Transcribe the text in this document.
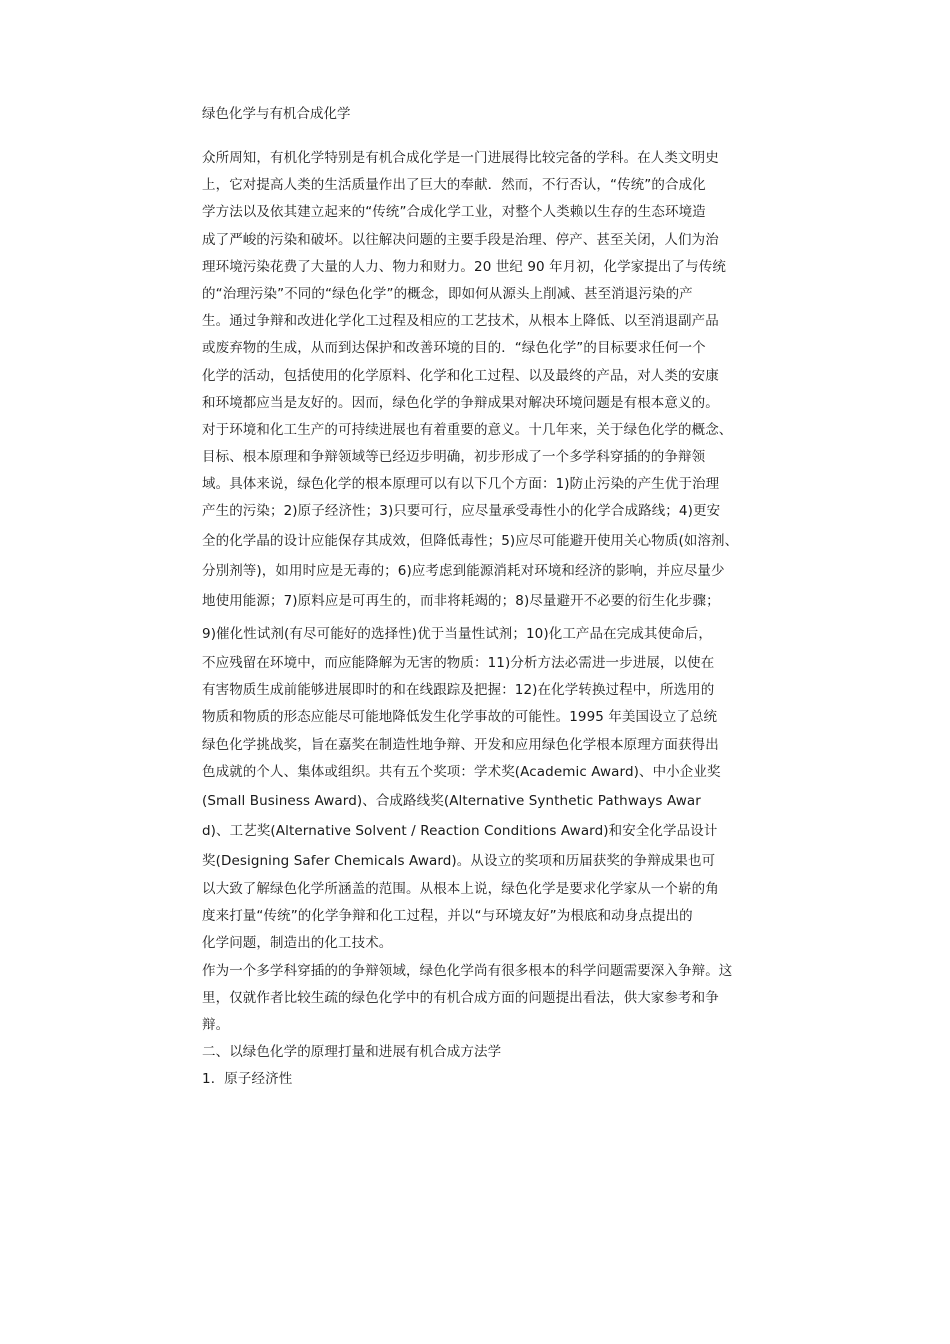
绿色化学与有机合成化学
众所周知，有机化学特别是有机合成化学是一门进展得比较完备的学科。在人类文明史
上，它对提高人类的生活质量作出了巨大的奉献．然而，不行否认，“传统”的合成化
学方法以及依其建立起来的“传统”合成化学工业，对整个人类赖以生存的生态环境造
成了严峻的污染和破坏。以往解决问题的主要手段是治理、停产、甚至关闭，人们为治
理环境污染花费了大量的人力、物力和财力。20 世纪 90 年月初，化学家提出了与传统
的“治理污染”不同的“绿色化学”的概念，即如何从源头上削减、甚至消退污染的产
生。通过争辩和改进化学化工过程及相应的工艺技术，从根本上降低、以至消退副产品
或废弃物的生成，从而到达保护和改善环境的目的．“绿色化学”的目标要求任何一个
化学的活动，包括使用的化学原料、化学和化工过程、以及最终的产品，对人类的安康
和环境都应当是友好的。因而，绿色化学的争辩成果对解决环境问题是有根本意义的。
对于环境和化工生产的可持续进展也有着重要的意义。十几年来，关于绿色化学的概念、
目标、根本原理和争辩领域等已经迈步明确，初步形成了一个多学科穿插的的争辩领
域。具体来说，绿色化学的根本原理可以有以下几个方面：1)防止污染的产生优于治理
产生的污染；2)原子经济性；3)只要可行，应尽量承受毒性小的化学合成路线；4)更安
全的化学晶的设计应能保存其成效，但降低毒性；5)应尽可能避开使用关心物质(如溶剂、
分別剂等)，如用时应是无毒的；6)应考虑到能源消耗对环境和经济的影响，并应尽量少
地使用能源；7)原料应是可再生的，而非将耗竭的；8)尽量避开不必要的衍生化步骤；
9)催化性试剂(有尽可能好的选择性)优于当量性试剂；10)化工产品在完成其使命后，
不应残留在环境中，而应能降解为无害的物质：11)分析方法必需进一步进展，以使在
有害物质生成前能够进展即时的和在线跟踪及把握：12)在化学转换过程中，所选用的
物质和物质的形态应能尽可能地降低发生化学事故的可能性。1995 年美国设立了总统
绿色化学挑战奖，旨在嘉奖在制造性地争辩、开发和应用绿色化学根本原理方面获得出
色成就的个人、集体或组织。共有五个奖项：学术奖(Academic Award)、中小企业奖
(Small Business Award)、合成路线奖(Alternative Synthetic Pathways Awar
d)、工艺奖(Alternative Solvent / Reaction Conditions Award)和安全化学品设计
奖(Designing Safer Chemicals Award)。从设立的奖项和历届获奖的争辩成果也可
以大致了解绿色化学所涵盖的范围。从根本上说，绿色化学是要求化学家从一个崭的角
度来打量“传统”的化学争辩和化工过程，并以“与环境友好”为根底和动身点提出的
化学问题，制造出的化工技术。
作为一个多学科穿插的的争辩领域，绿色化学尚有很多根本的科学问题需要深入争辩。这
里，仅就作者比较生疏的绿色化学中的有机合成方面的问题提出看法，供大家参考和争
辩。
二、以绿色化学的原理打量和进展有机合成方法学
1．原子经济性
